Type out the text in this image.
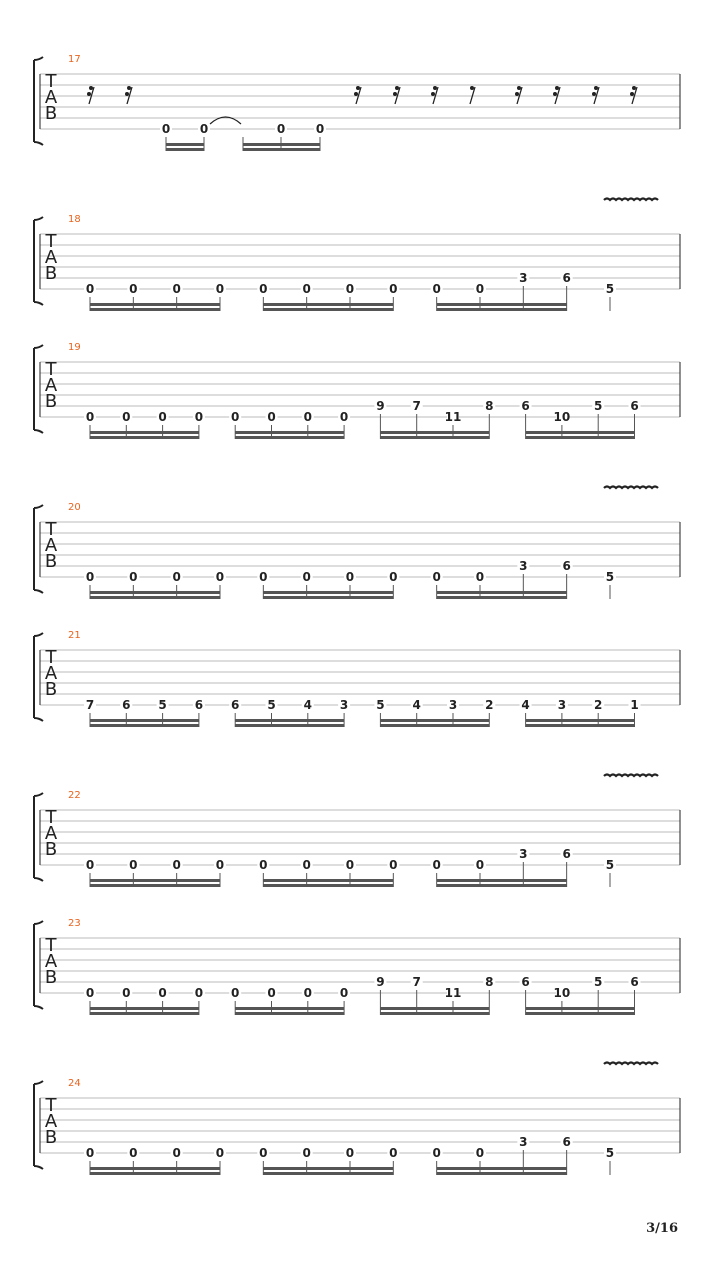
T
A
B
17
0 0	0	0
T
A
B
18
0	0	0	0	0	0	0	0	0	0
3	6
5
T
A
B
19
0 0 0 0 0 0 0 0
9 7
11
8 6
10
5 6
T
A
B
20
0	0	0	0	0	0	0	0	0	0
3	6
5
T
A
B
21
7 6 5 6 6 5 4 3 5 4 3 2 4 3 2 1
T
A
B
22
0	0	0	0	0	0	0	0	0	0
3	6
5
T
A
B
23
0 0 0 0 0 0 0 0
9 7
11
8 6
10
5 6
T
A
B
24
0	0	0	0	0	0	0	0	0	0
3	6
5
3/16
